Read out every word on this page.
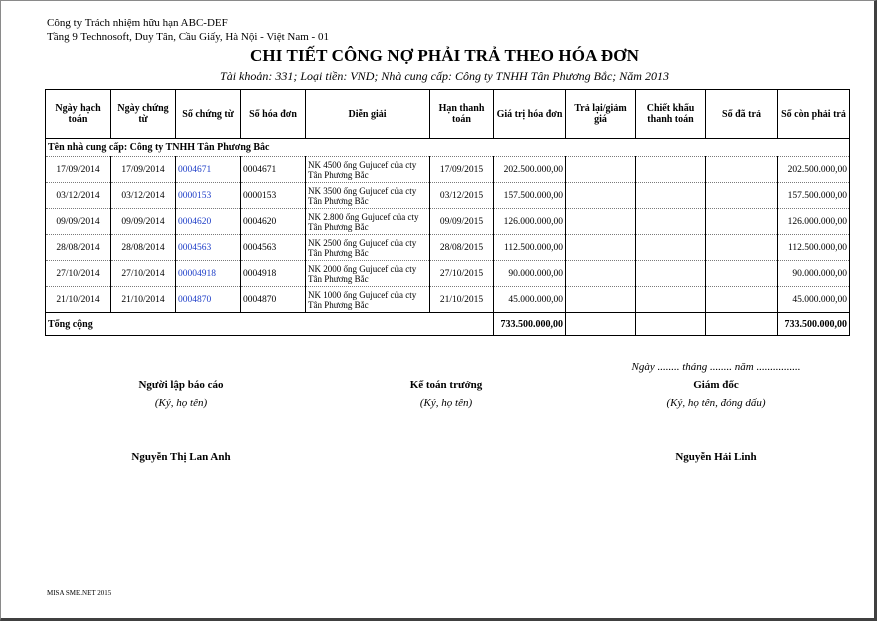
Công ty Trách nhiệm hữu hạn ABC-DEF
Tầng 9 Technosoft, Duy Tân, Cầu Giấy, Hà Nội - Việt Nam - 01
CHI TIẾT CÔNG NỢ PHẢI TRẢ THEO HÓA ĐƠN
Tài khoản: 331; Loại tiền: VND; Nhà cung cấp: Công ty TNHH Tân Phương Bắc; Năm 2013
Ngày hạch toán	Ngày chứng từ	Số chứng từ	Số hóa đơn	Diễn giải	Hạn thanh toán	Giá trị hóa đơn	Trả lại/giảm giá	Chiết khấu thanh toán	Số đã trả	Số còn phải trả
Tên nhà cung cấp: Công ty TNHH Tân Phương Bắc										
17/09/2014	17/09/2014	0004671	0004671	NK 4500 ống Gujucef của cty Tân Phương Bắc	17/09/2015	202.500.000,00				202.500.000,00
03/12/2014	03/12/2014	0000153	0000153	NK 3500 ống Gujucef của cty Tân Phương Bắc	03/12/2015	157.500.000,00				157.500.000,00
09/09/2014	09/09/2014	0004620	0004620	NK 2.800 ống Gujucef của cty Tân Phương Bắc	09/09/2015	126.000.000,00				126.000.000,00
28/08/2014	28/08/2014	0004563	0004563	NK 2500 ống Gujucef của cty Tân Phương Bắc	28/08/2015	112.500.000,00				112.500.000,00
27/10/2014	27/10/2014	00004918	0004918	NK 2000 ống Gujucef của cty Tân Phương Bắc	27/10/2015	90.000.000,00				90.000.000,00
21/10/2014	21/10/2014	0004870	0004870	NK 1000 ống Gujucef của cty Tân Phương Bắc	21/10/2015	45.000.000,00				45.000.000,00
Tổng cộng						733.500.000,00				733.500.000,00
Ngày ........ tháng ........ năm ................
Người lập báo cáo
(Ký, họ tên)
Kế toán trưởng
(Ký, họ tên)
Giám đốc
(Ký, họ tên, đóng dấu)
Nguyễn Thị Lan Anh	Nguyễn Hải Linh
MISA SME.NET 2015
